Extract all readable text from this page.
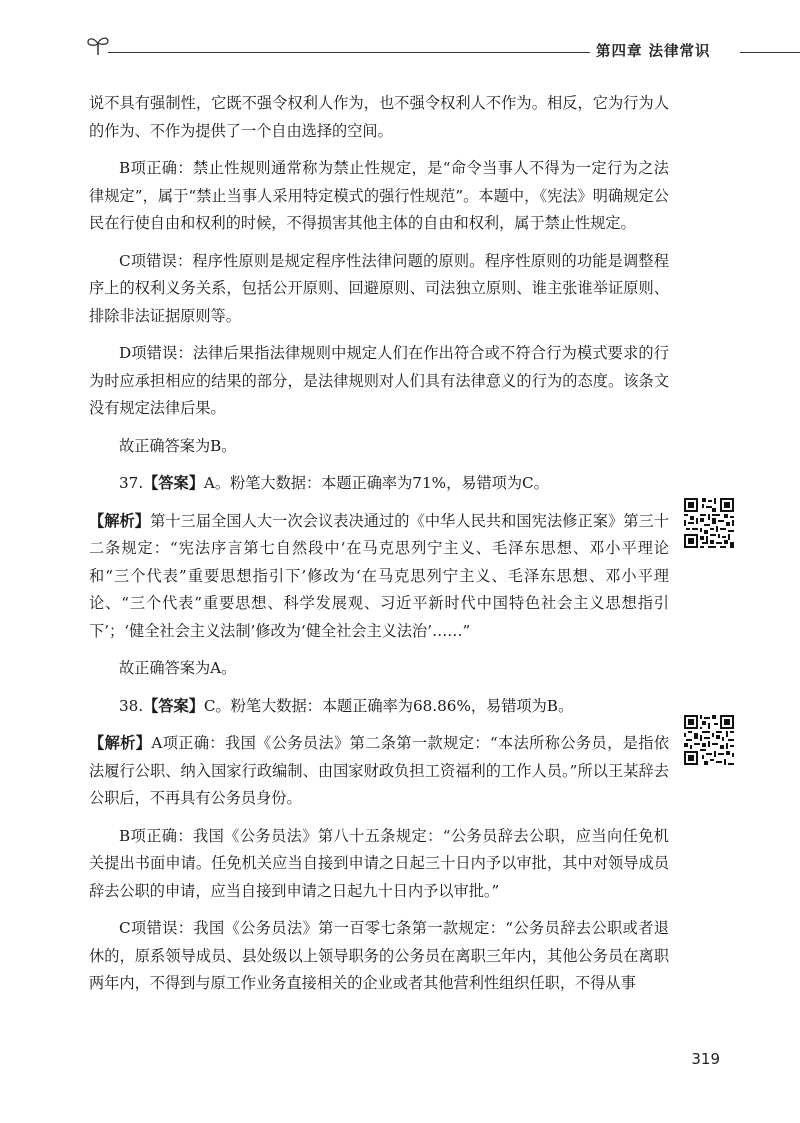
第四章 法律常识

说不具有强制性，它既不强令权利人作为，也不强令权利人不作为。相反，它为行为人的作为、不作为提供了一个自由选择的空间。

B项正确：禁止性规则通常称为禁止性规定，是“命令当事人不得为一定行为之法律规定”，属于“禁止当事人采用特定模式的强行性规范”。本题中，《宪法》明确规定公民在行使自由和权利的时候，不得损害其他主体的自由和权利，属于禁止性规定。

C项错误：程序性原则是规定程序性法律问题的原则。程序性原则的功能是调整程序上的权利义务关系，包括公开原则、回避原则、司法独立原则、谁主张谁举证原则、排除非法证据原则等。

D项错误：法律后果指法律规则中规定人们在作出符合或不符合行为模式要求的行为时应承担相应的结果的部分，是法律规则对人们具有法律意义的行为的态度。该条文没有规定法律后果。

故正确答案为B。

37.【答案】A。粉笔大数据：本题正确率为71%，易错项为C。

【解析】第十三届全国人大一次会议表决通过的《中华人民共和国宪法修正案》第三十二条规定：“宪法序言第七自然段中‘在马克思列宁主义、毛泽东思想、邓小平理论和“三个代表”重要思想指引下’修改为‘在马克思列宁主义、毛泽东思想、邓小平理论、“三个代表”重要思想、科学发展观、习近平新时代中国特色社会主义思想指引下’；‘健全社会主义法制’修改为‘健全社会主义法治’……”

故正确答案为A。

38.【答案】C。粉笔大数据：本题正确率为68.86%，易错项为B。

【解析】A项正确：我国《公务员法》第二条第一款规定：“本法所称公务员，是指依法履行公职、纳入国家行政编制、由国家财政负担工资福利的工作人员。”所以王某辞去公职后，不再具有公务员身份。

B项正确：我国《公务员法》第八十五条规定：“公务员辞去公职，应当向任免机关提出书面申请。任免机关应当自接到申请之日起三十日内予以审批，其中对领导成员辞去公职的申请，应当自接到申请之日起九十日内予以审批。”

C项错误：我国《公务员法》第一百零七条第一款规定：“公务员辞去公职或者退休的，原系领导成员、县处级以上领导职务的公务员在离职三年内，其他公务员在离职两年内，不得到与原工作业务直接相关的企业或者其他营利性组织任职，不得从事

319
